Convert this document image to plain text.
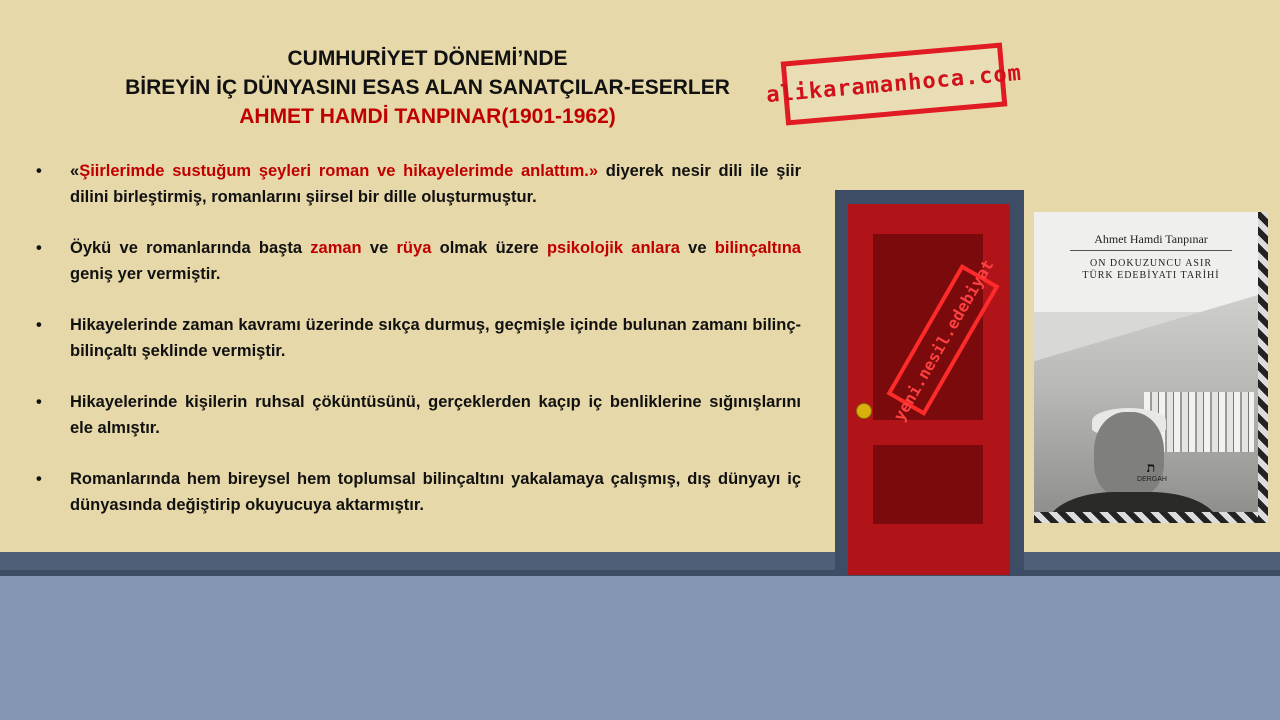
CUMHURİYET DÖNEMİ’NDE
BİREYİN İÇ DÜNYASINI ESAS ALAN SANATÇILAR-ESERLER
AHMET HAMDİ TANPINAR(1901-1962)
alikaramanhoca.com
• «Şiirlerimde sustuğum şeyleri roman ve hikayelerimde anlattım.» diyerek nesir dili ile şiir dilini birleştirmiş, romanlarını şiirsel bir dille oluşturmuştur.
• Öykü ve romanlarında başta zaman ve rüya olmak üzere psikolojik anlara ve bilinçaltına geniş yer vermiştir.
• Hikayelerinde zaman kavramı üzerinde sıkça durmuş, geçmişle içinde bulunan zamanı bilinç-bilinçaltı şeklinde vermiştir.
• Hikayelerinde kişilerin ruhsal çöküntüsünü, gerçeklerden kaçıp iç benliklerine sığınışlarını ele almıştır.
• Romanlarında hem bireysel hem toplumsal bilinçaltını yakalamaya çalışmış, dış dünyayı iç dünyasında değiştirip okuyucuya aktarmıştır.
yeni.nesil.edebiyat
Ahmet Hamdi Tanpınar
ON DOKUZUNCU ASIR
TÜRK EDEBİYATI TARİHİ
ת
DERGAH
